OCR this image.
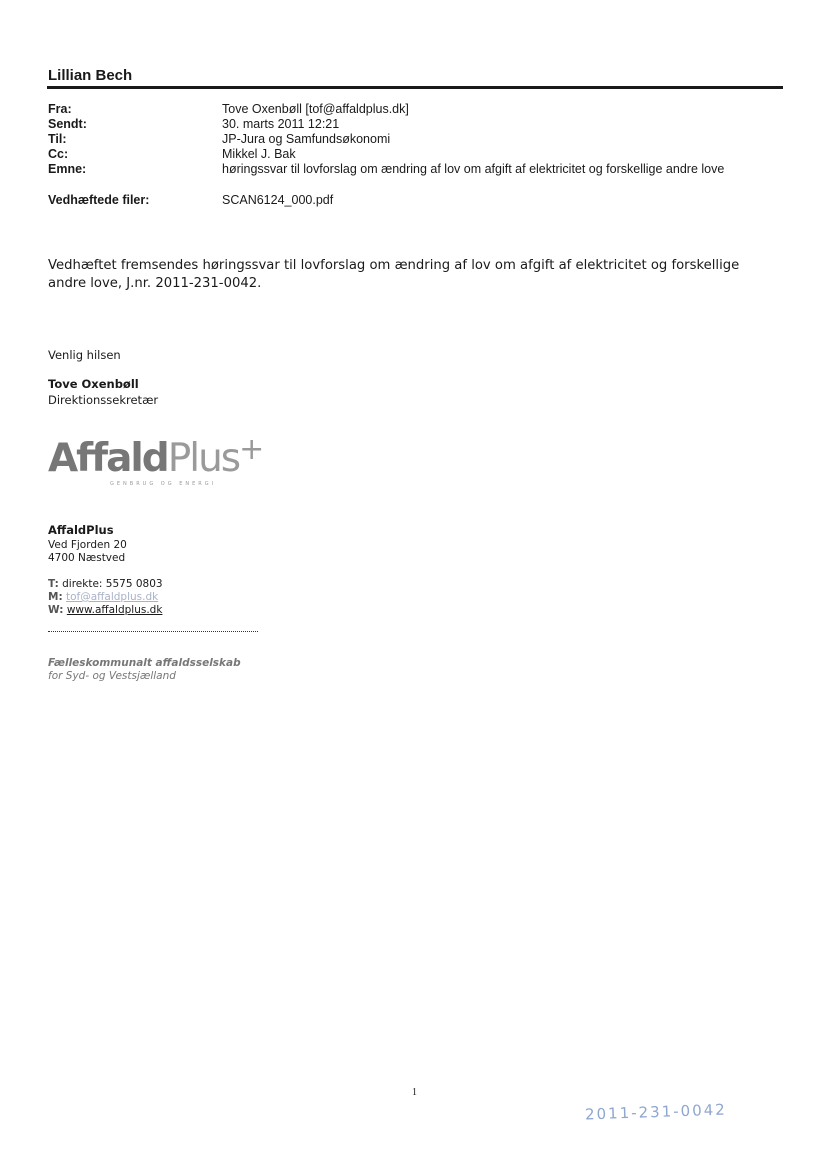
Lillian Bech
Fra:	Tove Oxenbøll [tof@affaldplus.dk]
Sendt:	30. marts 2011 12:21
Til:	JP-Jura og Samfundsøkonomi
Cc:	Mikkel J. Bak
Emne:	høringssvar til lovforslag om ændring af lov om afgift af elektricitet og forskellige andre love
Vedhæftede filer:	SCAN6124_000.pdf
Vedhæftet fremsendes høringssvar til lovforslag om ændring af lov om afgift af elektricitet og forskellige andre love, J.nr. 2011-231-0042.
Venlig hilsen
Tove Oxenbøll
Direktionssekretær
AffaldPlus+
GENBRUG OG ENERGI
AffaldPlus
Ved Fjorden 20
4700 Næstved
T: direkte: 5575 0803
M: tof@affaldplus.dk
W: www.affaldplus.dk
Fælleskommunalt affaldsselskab
for Syd- og Vestsjælland
1
2011-231-0042
